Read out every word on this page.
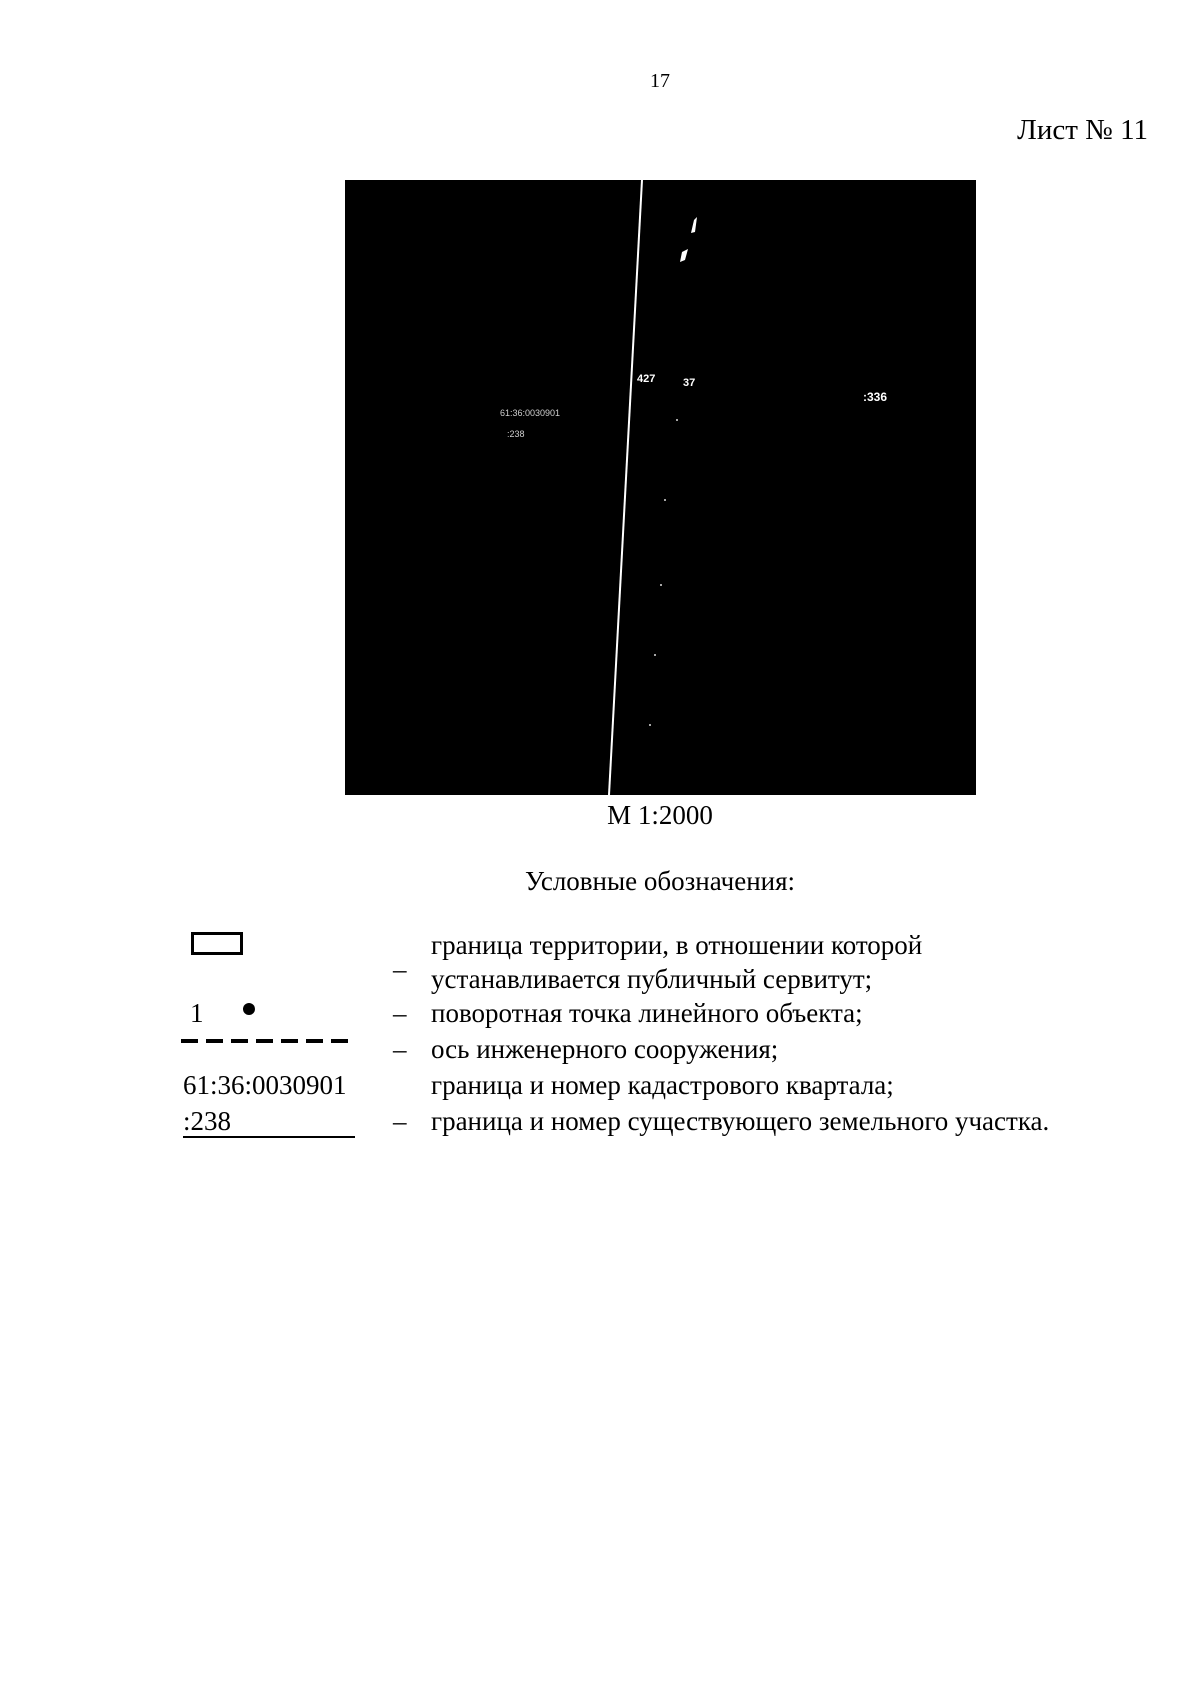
17
Лист № 11
427	37
:336
61:36:0030901
:238
М 1:2000
Условные обозначения:
–
граница территории, в отношении которой
устанавливается публичный сервитут;
1	– поворотная точка линейного объекта;
– ось инженерного сооружения;
61:36:0030901	граница и номер кадастрового квартала;
:238	– граница и номер существующего земельного участка.
